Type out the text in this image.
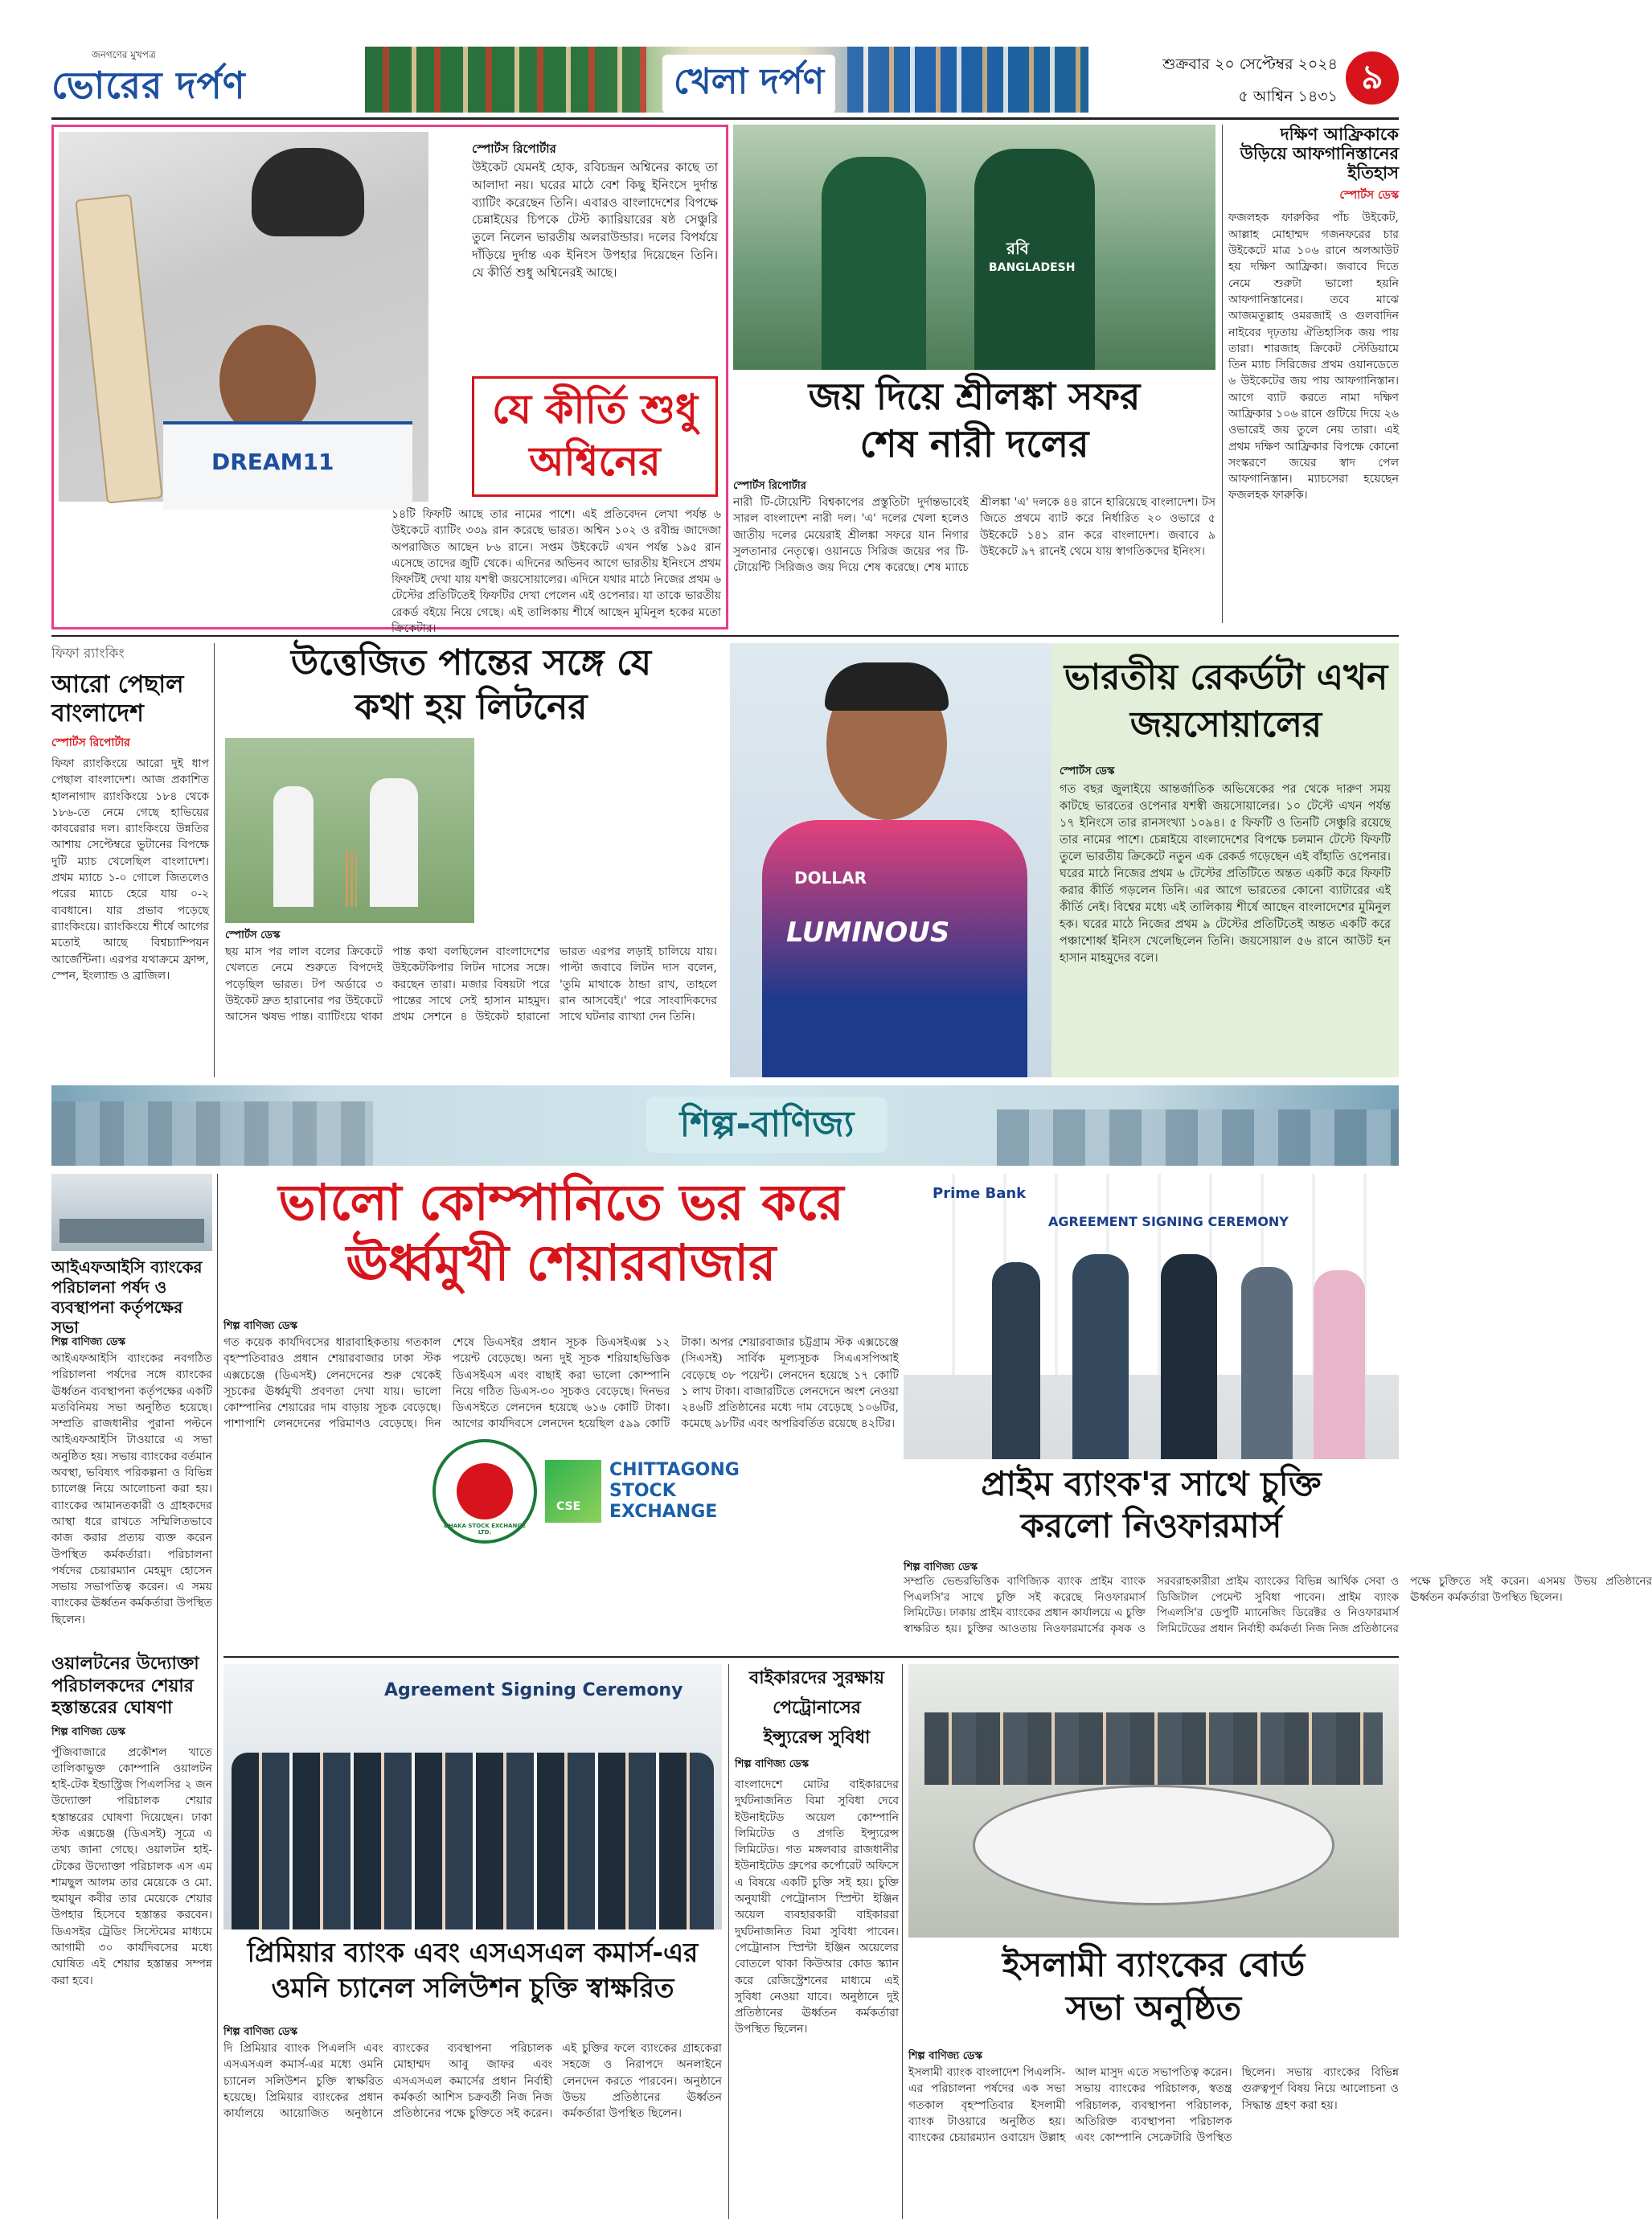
জনগণের মুখপত্র
ভোরের দর্পণ	খেলা দর্পণ	শুক্রবার ২০ সেপ্টেম্বর ২০২৪
৫ আশ্বিন ১৪৩১ ৯
DREAM11
স্পোর্টস রিপোর্টার
উইকেট যেমনই হোক, রবিচন্দ্রন অশ্বিনের কাছে তা আলাদা নয়। ঘরের মাঠে বেশ কিছু ইনিংসে দুর্দান্ত ব্যাটিং করেছেন তিনি। এবারও বাংলাদেশের বিপক্ষে চেন্নাইয়ের চিপকে টেস্ট ক্যারিয়ারের ষষ্ঠ সেঞ্চুরি তুলে নিলেন ভারতীয় অলরাউন্ডার। দলের বিপর্যয়ে দাঁড়িয়ে দুর্দান্ত এক ইনিংস উপহার দিয়েছেন তিনি। যে কীর্তি শুধু অশ্বিনেরই আছে।
যে কীর্তি শুধু অশ্বিনের
১৪টি ফিফটি আছে তার নামের পাশে। এই প্রতিবেদন লেখা পর্যন্ত ৬ উইকেটে ব্যাটিং ৩৩৯ রান করেছে ভারত। অশ্বিন ১০২ ও রবীন্দ্র জাদেজা অপরাজিত আছেন ৮৬ রানে। সপ্তম উইকেটে এখন পর্যন্ত ১৯৫ রান এসেছে তাদের জুটি থেকে। এদিনের অভিনব আগে ভারতীয় ইনিংসে প্রথম ফিফটিই দেখা যায় যশস্বী জয়সোয়ালের। এদিনে যথার মাঠে নিজের প্রথম ৬ টেস্টের প্রতিটিতেই ফিফটির দেখা পেলেন এই ওপেনার। যা তাকে ভারতীয় রেকর্ড বইয়ে নিয়ে গেছে। এই তালিকায় শীর্ষে আছেন মুমিনুল হকের মতো ক্রিকেটার।
রবি
BANGLADESH
জয় দিয়ে শ্রীলঙ্কা সফর
শেষ নারী দলের
স্পোর্টস রিপোর্টার
নারী টি-টোয়েন্টি বিশ্বকাপের প্রস্তুতিটা দুর্দান্তভাবেই সারল বাংলাদেশ নারী দল। 'এ' দলের খেলা হলেও জাতীয় দলের মেয়েরাই শ্রীলঙ্কা সফরে যান নিগার সুলতানার নেতৃত্বে। ওয়ানডে সিরিজ জয়ের পর টি-টোয়েন্টি সিরিজও জয় দিয়ে শেষ করেছে। শেষ ম্যাচে শ্রীলঙ্কা 'এ' দলকে ৪৪ রানে হারিয়েছে বাংলাদেশ। টস জিতে প্রথমে ব্যাট করে নির্ধারিত ২০ ওভারে ৫ উইকেটে ১৪১ রান করে বাংলাদেশ। জবাবে ৯ উইকেটে ৯৭ রানেই থেমে যায় স্বাগতিকদের ইনিংস।
দক্ষিণ আফ্রিকাকে উড়িয়ে আফগানিস্তানের ইতিহাস
স্পোর্টস ডেস্ক
ফজলহক ফারুকির পাঁচ উইকেট, আল্লাহ মোহাম্মদ গজনফরের চার উইকেটে মাত্র ১০৬ রানে অলআউট হয় দক্ষিণ আফ্রিকা। জবাবে দিতে নেমে শুরুটা ভালো হয়নি আফগানিস্তানের। তবে মাঝে আজমতুল্লাহ ওমরজাই ও গুলবাদিন নাইবের দৃঢ়তায় ঐতিহাসিক জয় পায় তারা। শারজাহ ক্রিকেট স্টেডিয়ামে তিন ম্যাচ সিরিজের প্রথম ওয়ানডেতে ৬ উইকেটের জয় পায় আফগানিস্তান। আগে ব্যাট করতে নামা দক্ষিণ আফ্রিকার ১০৬ রানে গুটিয়ে দিয়ে ২৬ ওভারেই জয় তুলে নেয় তারা। এই প্রথম দক্ষিণ আফ্রিকার বিপক্ষে কোনো সংস্করণে জয়ের স্বাদ পেল আফগানিস্তান। ম্যাচসেরা হয়েছেন ফজলহক ফারুকি।
ফিফা র‌্যাংকিং
আরো পেছাল বাংলাদেশ
স্পোর্টস রিপোর্টার
ফিফা র‌্যাংকিংয়ে আরো দুই ধাপ পেছাল বাংলাদেশ। আজ প্রকাশিত হালনাগাদ র‌্যাংকিংয়ে ১৮৪ থেকে ১৮৬-তে নেমে গেছে হাভিয়ের কাবরেরার দল। র‌্যাংকিংয়ে উন্নতির আশায় সেপ্টেম্বরে ভুটানের বিপক্ষে দুটি ম্যাচ খেলেছিল বাংলাদেশ। প্রথম ম্যাচে ১-০ গোলে জিতলেও পরের ম্যাচে হেরে যায় ০-২ ব্যবধানে। যার প্রভাব পড়েছে র‌্যাংকিংয়ে। র‌্যাংকিংয়ে শীর্ষে আগের মতোই আছে বিশ্বচ্যাম্পিয়ন আর্জেন্টিনা। এরপর যথাক্রমে ফ্রান্স, স্পেন, ইংল্যান্ড ও ব্রাজিল।
উত্তেজিত পান্তের সঙ্গে যে
কথা হয় লিটনের
স্পোর্টস ডেস্ক
ছয় মাস পর লাল বলের ক্রিকেটে খেলতে নেমে শুরুতে বিপদেই পড়েছিল ভারত। টপ অর্ডারে ৩ উইকেট দ্রুত হারানোর পর উইকেটে আসেন ঋষভ পান্ত। ব্যাটিংয়ে থাকা পান্ত কথা বলছিলেন বাংলাদেশের উইকেটকিপার লিটন দাসের সঙ্গে। করছেন তারা। মজার বিষয়টা পরে পান্তের সাথে সেই হাসান মাহমুদ। প্রথম সেশনে ৪ উইকেট হারানো ভারত এরপর লড়াই চালিয়ে যায়। পাল্টা জবাবে লিটন দাস বলেন, 'তুমি মাথাকে ঠান্ডা রাখ, তাহলে রান আসবেই।' পরে সাংবাদিকদের সাথে ঘটনার ব্যাখ্যা দেন তিনি।
DOLLAR
LUMINOUS
ভারতীয় রেকর্ডটা এখন
জয়সোয়ালের
স্পোর্টস ডেস্ক
গত বছর জুলাইয়ে আন্তর্জাতিক অভিষেকের পর থেকে দারুণ সময় কাটছে ভারতের ওপেনার যশস্বী জয়সোয়ালের। ১০ টেস্টে এখন পর্যন্ত ১৭ ইনিংসে তার রানসংখ্যা ১০৯৪। ৫ ফিফটি ও তিনটি সেঞ্চুরি রয়েছে তার নামের পাশে। চেন্নাইয়ে বাংলাদেশের বিপক্ষে চলমান টেস্টে ফিফটি তুলে ভারতীয় ক্রিকেটে নতুন এক রেকর্ড গড়েছেন এই বাঁহাতি ওপেনার। ঘরের মাঠে নিজের প্রথম ৬ টেস্টের প্রতিটিতে অন্তত একটি করে ফিফটি করার কীর্তি গড়লেন তিনি। এর আগে ভারতের কোনো ব্যাটারের এই কীর্তি নেই। বিশ্বের মধ্যে এই তালিকায় শীর্ষে আছেন বাংলাদেশের মুমিনুল হক। ঘরের মাঠে নিজের প্রথম ৯ টেস্টের প্রতিটিতেই অন্তত একটি করে পঞ্চাশোর্ধ্ব ইনিংস খেলেছিলেন তিনি। জয়সোয়াল ৫৬ রানে আউট হন হাসান মাহমুদের বলে।
শিল্প-বাণিজ্য
আইএফআইসি ব্যাংকের পরিচালনা পর্ষদ ও ব্যবস্থাপনা কর্তৃপক্ষের সভা
শিল্প বাণিজ্য ডেস্ক
আইএফআইসি ব্যাংকের নবগঠিত পরিচালনা পর্ষদের সঙ্গে ব্যাংকের ঊর্ধ্বতন ব্যবস্থাপনা কর্তৃপক্ষের একটি মতবিনিময় সভা অনুষ্ঠিত হয়েছে। সম্প্রতি রাজধানীর পুরানা পল্টনে আইএফআইসি টাওয়ারে এ সভা অনুষ্ঠিত হয়। সভায় ব্যাংকের বর্তমান অবস্থা, ভবিষ্যৎ পরিকল্পনা ও বিভিন্ন চ্যালেঞ্জ নিয়ে আলোচনা করা হয়। ব্যাংকের আমানতকারী ও গ্রাহকদের আস্থা ধরে রাখতে সম্মিলিতভাবে কাজ করার প্রত্যয় ব্যক্ত করেন উপস্থিত কর্মকর্তারা। পরিচালনা পর্ষদের চেয়ারম্যান মেহমুদ হোসেন সভায় সভাপতিত্ব করেন। এ সময় ব্যাংকের ঊর্ধ্বতন কর্মকর্তারা উপস্থিত ছিলেন।
ভালো কোম্পানিতে ভর করে
ঊর্ধ্বমুখী শেয়ারবাজার
শিল্প বাণিজ্য ডেস্ক
গত কয়েক কার্যদিবসের ধারাবাহিকতায় গতকাল বৃহস্পতিবারও প্রধান শেয়ারবাজার ঢাকা স্টক এক্সচেঞ্জে (ডিএসই) লেনদেনের শুরু থেকেই সূচকের ঊর্ধ্বমুখী প্রবণতা দেখা যায়। ভালো কোম্পানির শেয়ারের দাম বাড়ায় সূচক বেড়েছে। পাশাপাশি লেনদেনের পরিমাণও বেড়েছে। দিন শেষে ডিএসইর প্রধান সূচক ডিএসইএক্স ১২ পয়েন্ট বেড়েছে। অন্য দুই সূচক শরিয়াহভিত্তিক ডিএসইএস এবং বাছাই করা ভালো কোম্পানি নিয়ে গঠিত ডিএস-৩০ সূচকও বেড়েছে। দিনভর ডিএসইতে লেনদেন হয়েছে ৬১৬ কোটি টাকা। আগের কার্যদিবসে লেনদেন হয়েছিল ৫৯৯ কোটি টাকা। অপর শেয়ারবাজার চট্টগ্রাম স্টক এক্সচেঞ্জে (সিএসই) সার্বিক মূল্যসূচক সিএএসপিআই বেড়েছে ৩৮ পয়েন্ট। লেনদেন হয়েছে ১৭ কোটি ১ লাখ টাকা। বাজারটিতে লেনদেনে অংশ নেওয়া ২৪৬টি প্রতিষ্ঠানের মধ্যে দাম বেড়েছে ১০৬টির, কমেছে ৯৮টির এবং অপরিবর্তিত রয়েছে ৪২টির।
DHAKA STOCK EXCHANGE LTD.
CSE
CHITTAGONG
STOCK
EXCHANGE
Prime Bank
AGREEMENT SIGNING CEREMONY
প্রাইম ব্যাংক'র সাথে চুক্তি
করলো নিওফারমার্স
শিল্প বাণিজ্য ডেস্ক
সম্প্রতি ভেন্ডরভিত্তিক বাণিজ্যিক ব্যাংক প্রাইম ব্যাংক পিএলসি'র সাথে চুক্তি সই করেছে নিওফারমার্স লিমিটেড। ঢাকায় প্রাইম ব্যাংকের প্রধান কার্যালয়ে এ চুক্তি স্বাক্ষরিত হয়। চুক্তির আওতায় নিওফারমার্সের কৃষক ও সরবরাহকারীরা প্রাইম ব্যাংকের বিভিন্ন আর্থিক সেবা ও ডিজিটাল পেমেন্ট সুবিধা পাবেন। প্রাইম ব্যাংক পিএলসি'র ডেপুটি ম্যানেজিং ডিরেক্টর ও নিওফারমার্স লিমিটেডের প্রধান নির্বাহী কর্মকর্তা নিজ নিজ প্রতিষ্ঠানের পক্ষে চুক্তিতে সই করেন। এসময় উভয় প্রতিষ্ঠানের ঊর্ধ্বতন কর্মকর্তারা উপস্থিত ছিলেন।
ওয়ালটনের উদ্যোক্তা পরিচালকদের শেয়ার হস্তান্তরের ঘোষণা
শিল্প বাণিজ্য ডেস্ক
পুঁজিবাজারে প্রকৌশল খাতে তালিকাভুক্ত কোম্পানি ওয়ালটন হাই-টেক ইন্ডাস্ট্রিজ পিএলসির ২ জন উদ্যোক্তা পরিচালক শেয়ার হস্তান্তরের ঘোষণা দিয়েছেন। ঢাকা স্টক এক্সচেঞ্জ (ডিএসই) সূত্রে এ তথ্য জানা গেছে। ওয়ালটন হাই-টেকের উদ্যোক্তা পরিচালক এস এম শামছুল আলম তার মেয়েকে ও মো. হুমায়ুন কবীর তার মেয়েকে শেয়ার উপহার হিসেবে হস্তান্তর করবেন। ডিএসইর ট্রেডিং সিস্টেমের মাধ্যমে আগামী ৩০ কার্যদিবসের মধ্যে ঘোষিত এই শেয়ার হস্তান্তর সম্পন্ন করা হবে।
Agreement Signing Ceremony
প্রিমিয়ার ব্যাংক এবং এসএসএল কমার্স-এর
ওমনি চ্যানেল সলিউশন চুক্তি স্বাক্ষরিত
শিল্প বাণিজ্য ডেস্ক
দি প্রিমিয়ার ব্যাংক পিএলসি এবং এসএসএল কমার্স-এর মধ্যে ওমনি চ্যানেল সলিউশন চুক্তি স্বাক্ষরিত হয়েছে। প্রিমিয়ার ব্যাংকের প্রধান কার্যালয়ে আয়োজিত অনুষ্ঠানে ব্যাংকের ব্যবস্থাপনা পরিচালক মোহাম্মদ আবু জাফর এবং এসএসএল কমার্সের প্রধান নির্বাহী কর্মকর্তা আশিস চক্রবর্তী নিজ নিজ প্রতিষ্ঠানের পক্ষে চুক্তিতে সই করেন। এই চুক্তির ফলে ব্যাংকের গ্রাহকেরা সহজে ও নিরাপদে অনলাইনে লেনদেন করতে পারবেন। অনুষ্ঠানে উভয় প্রতিষ্ঠানের ঊর্ধ্বতন কর্মকর্তারা উপস্থিত ছিলেন।
বাইকারদের সুরক্ষায়
পেট্রোনাসের
ইন্স্যুরেন্স সুবিধা
শিল্প বাণিজ্য ডেস্ক
বাংলাদেশে মোটর বাইকারদের দুর্ঘটনাজনিত বিমা সুবিধা দেবে ইউনাইটেড অয়েল কোম্পানি লিমিটেড ও প্রগতি ইন্স্যুরেন্স লিমিটেড। গত মঙ্গলবার রাজধানীর ইউনাইটেড গ্রুপের কর্পোরেট অফিসে এ বিষয়ে একটি চুক্তি সই হয়। চুক্তি অনুযায়ী পেট্রোনাস স্প্রিন্টা ইঞ্জিন অয়েল ব্যবহারকারী বাইকাররা দুর্ঘটনাজনিত বিমা সুবিধা পাবেন। পেট্রোনাস স্প্রিন্টা ইঞ্জিন অয়েলের বোতলে থাকা কিউআর কোড স্ক্যান করে রেজিস্ট্রেশনের মাধ্যমে এই সুবিধা নেওয়া যাবে। অনুষ্ঠানে দুই প্রতিষ্ঠানের ঊর্ধ্বতন কর্মকর্তারা উপস্থিত ছিলেন।
ইসলামী ব্যাংকের বোর্ড
সভা অনুষ্ঠিত
শিল্প বাণিজ্য ডেস্ক
ইসলামী ব্যাংক বাংলাদেশ পিএলসি-এর পরিচালনা পর্ষদের এক সভা গতকাল বৃহস্পতিবার ইসলামী ব্যাংক টাওয়ারে অনুষ্ঠিত হয়। ব্যাংকের চেয়ারম্যান ওবায়েদ উল্লাহ আল মাসুদ এতে সভাপতিত্ব করেন। সভায় ব্যাংকের পরিচালক, স্বতন্ত্র পরিচালক, ব্যবস্থাপনা পরিচালক, অতিরিক্ত ব্যবস্থাপনা পরিচালক এবং কোম্পানি সেক্রেটারি উপস্থিত ছিলেন। সভায় ব্যাংকের বিভিন্ন গুরুত্বপূর্ণ বিষয় নিয়ে আলোচনা ও সিদ্ধান্ত গ্রহণ করা হয়।
